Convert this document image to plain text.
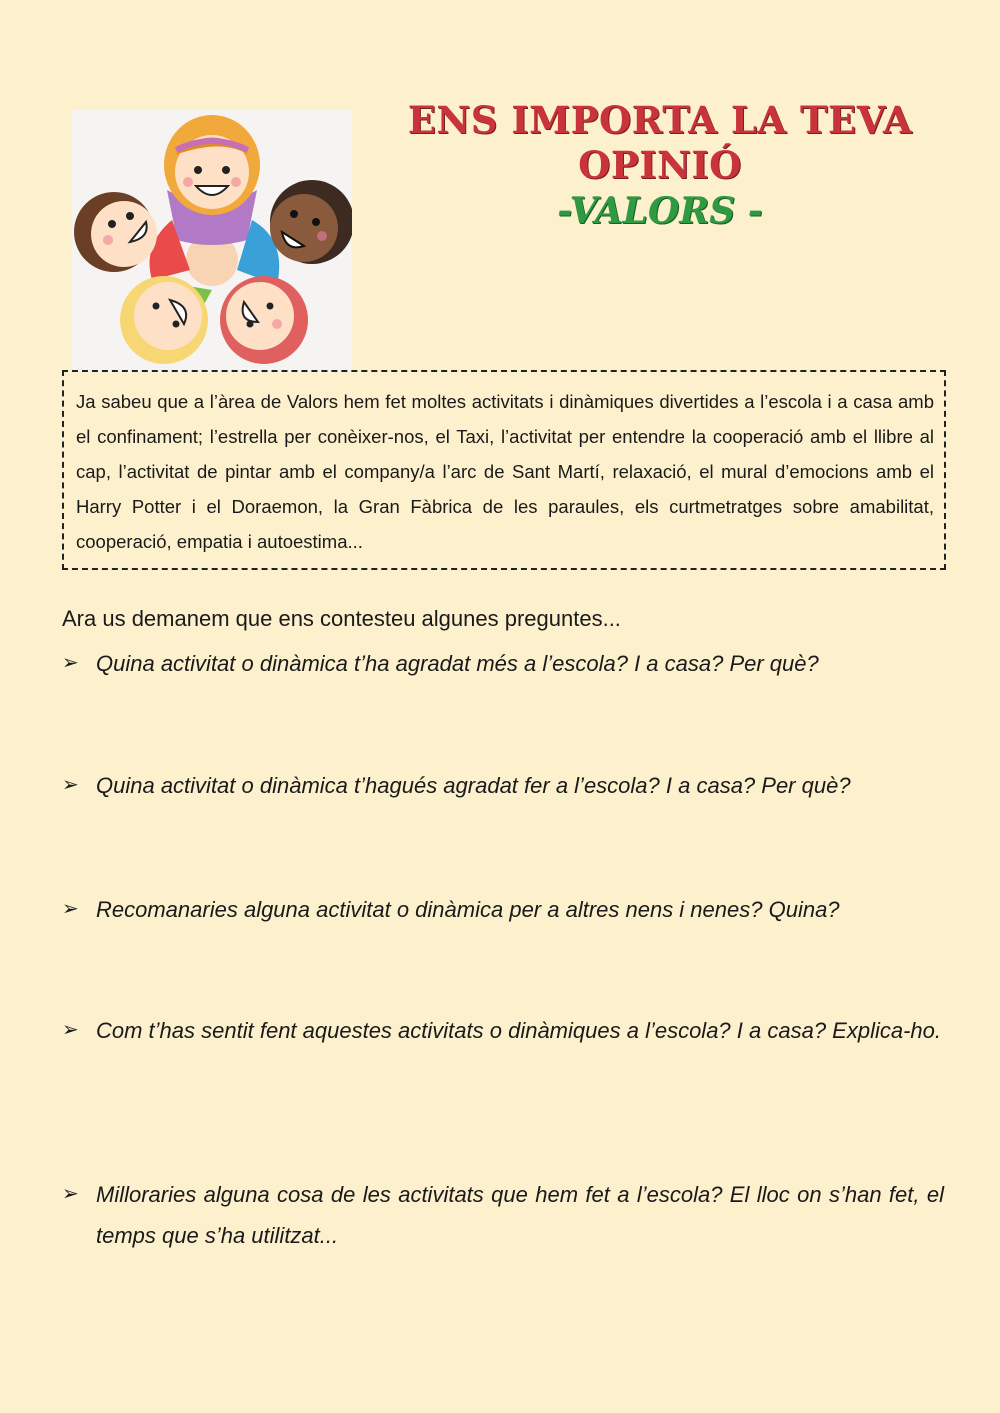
ENS IMPORTA LA TEVA
OPINIÓ
-VALORS -

Ja sabeu que a l’àrea de Valors hem fet moltes activitats i dinàmiques divertides a l’escola i a casa amb el confinament; l’estrella per conèixer-nos, el Taxi, l’activitat per entendre la cooperació amb el llibre al cap, l’activitat de pintar amb el company/a l’arc de Sant Martí, relaxació, el mural d’emocions amb el Harry Potter i el Doraemon, la Gran Fàbrica de les paraules, els curtmetratges sobre amabilitat, cooperació, empatia i autoestima...

Ara us demanem que ens contesteu algunes preguntes...
➢ Quina activitat o dinàmica t’ha agradat més a l’escola? I a casa? Per què?
➢ Quina activitat o dinàmica t’hagués agradat fer a l’escola? I a casa? Per què?
➢ Recomanaries alguna activitat o dinàmica per a altres nens i nenes? Quina?
➢ Com t’has sentit fent aquestes activitats o dinàmiques a l’escola? I a casa? Explica-ho.
➢ Milloraries alguna cosa de les activitats que hem fet a l’escola? El lloc on s’han fet, el temps que s’ha utilitzat...
